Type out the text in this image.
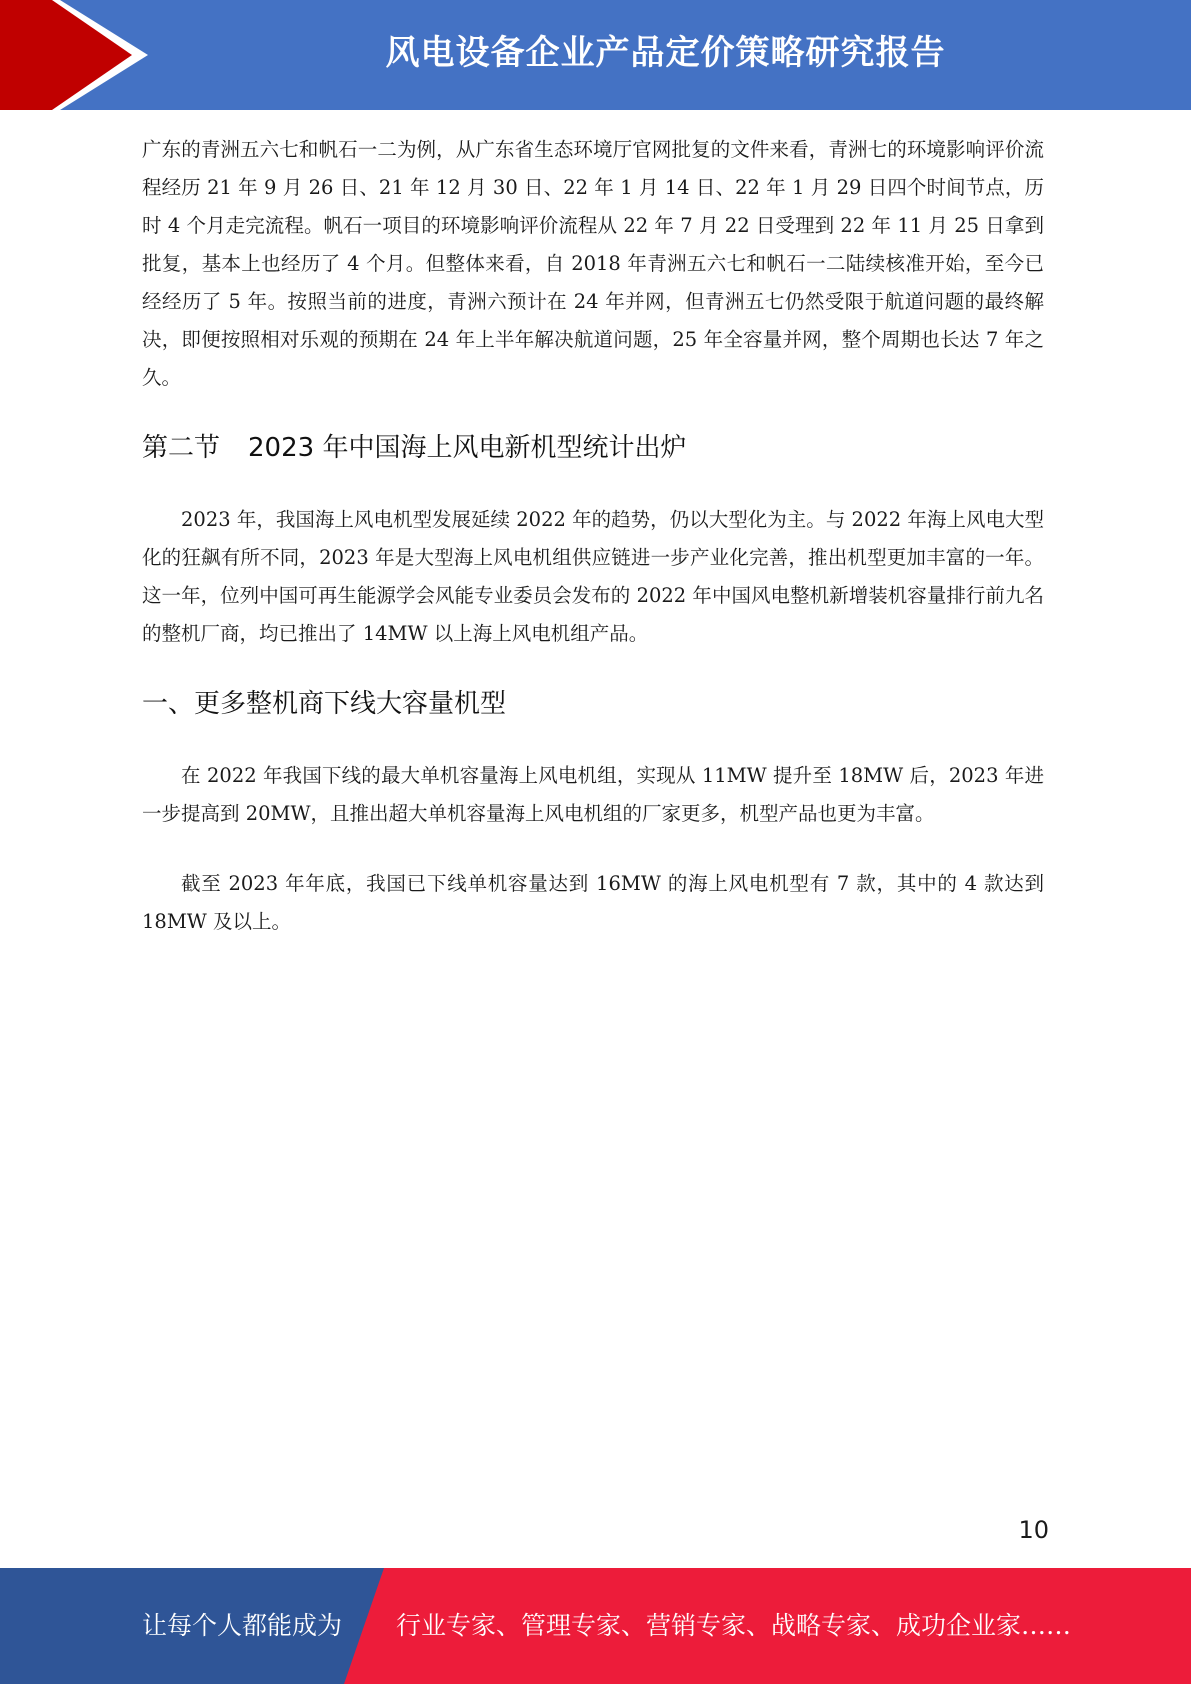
风电设备企业产品定价策略研究报告

广东的青洲五六七和帆石一二为例，从广东省生态环境厅官网批复的文件来看，青洲七的环境影响评价流程经历 21 年 9 月 26 日、21 年 12 月 30 日、22 年 1 月 14 日、22 年 1 月 29 日四个时间节点，历时 4 个月走完流程。帆石一项目的环境影响评价流程从 22 年 7 月 22 日受理到 22 年 11 月 25 日拿到批复，基本上也经历了 4 个月。但整体来看，自 2018 年青洲五六七和帆石一二陆续核准开始，至今已经经历了 5 年。按照当前的进度，青洲六预计在 24 年并网，但青洲五七仍然受限于航道问题的最终解决，即便按照相对乐观的预期在 24 年上半年解决航道问题，25 年全容量并网，整个周期也长达 7 年之久。

第二节 2023 年中国海上风电新机型统计出炉

2023 年，我国海上风电机型发展延续 2022 年的趋势，仍以大型化为主。与 2022 年海上风电大型化的狂飙有所不同，2023 年是大型海上风电机组供应链进一步产业化完善，推出机型更加丰富的一年。这一年，位列中国可再生能源学会风能专业委员会发布的 2022 年中国风电整机新增装机容量排行前九名的整机厂商，均已推出了 14MW 以上海上风电机组产品。

一、更多整机商下线大容量机型

在 2022 年我国下线的最大单机容量海上风电机组，实现从 11MW 提升至 18MW 后，2023 年进一步提高到 20MW，且推出超大单机容量海上风电机组的厂家更多，机型产品也更为丰富。

截至 2023 年年底，我国已下线单机容量达到 16MW 的海上风电机型有 7 款，其中的 4 款达到 18MW 及以上。

10
让每个人都能成为 行业专家、管理专家、营销专家、战略专家、成功企业家……
